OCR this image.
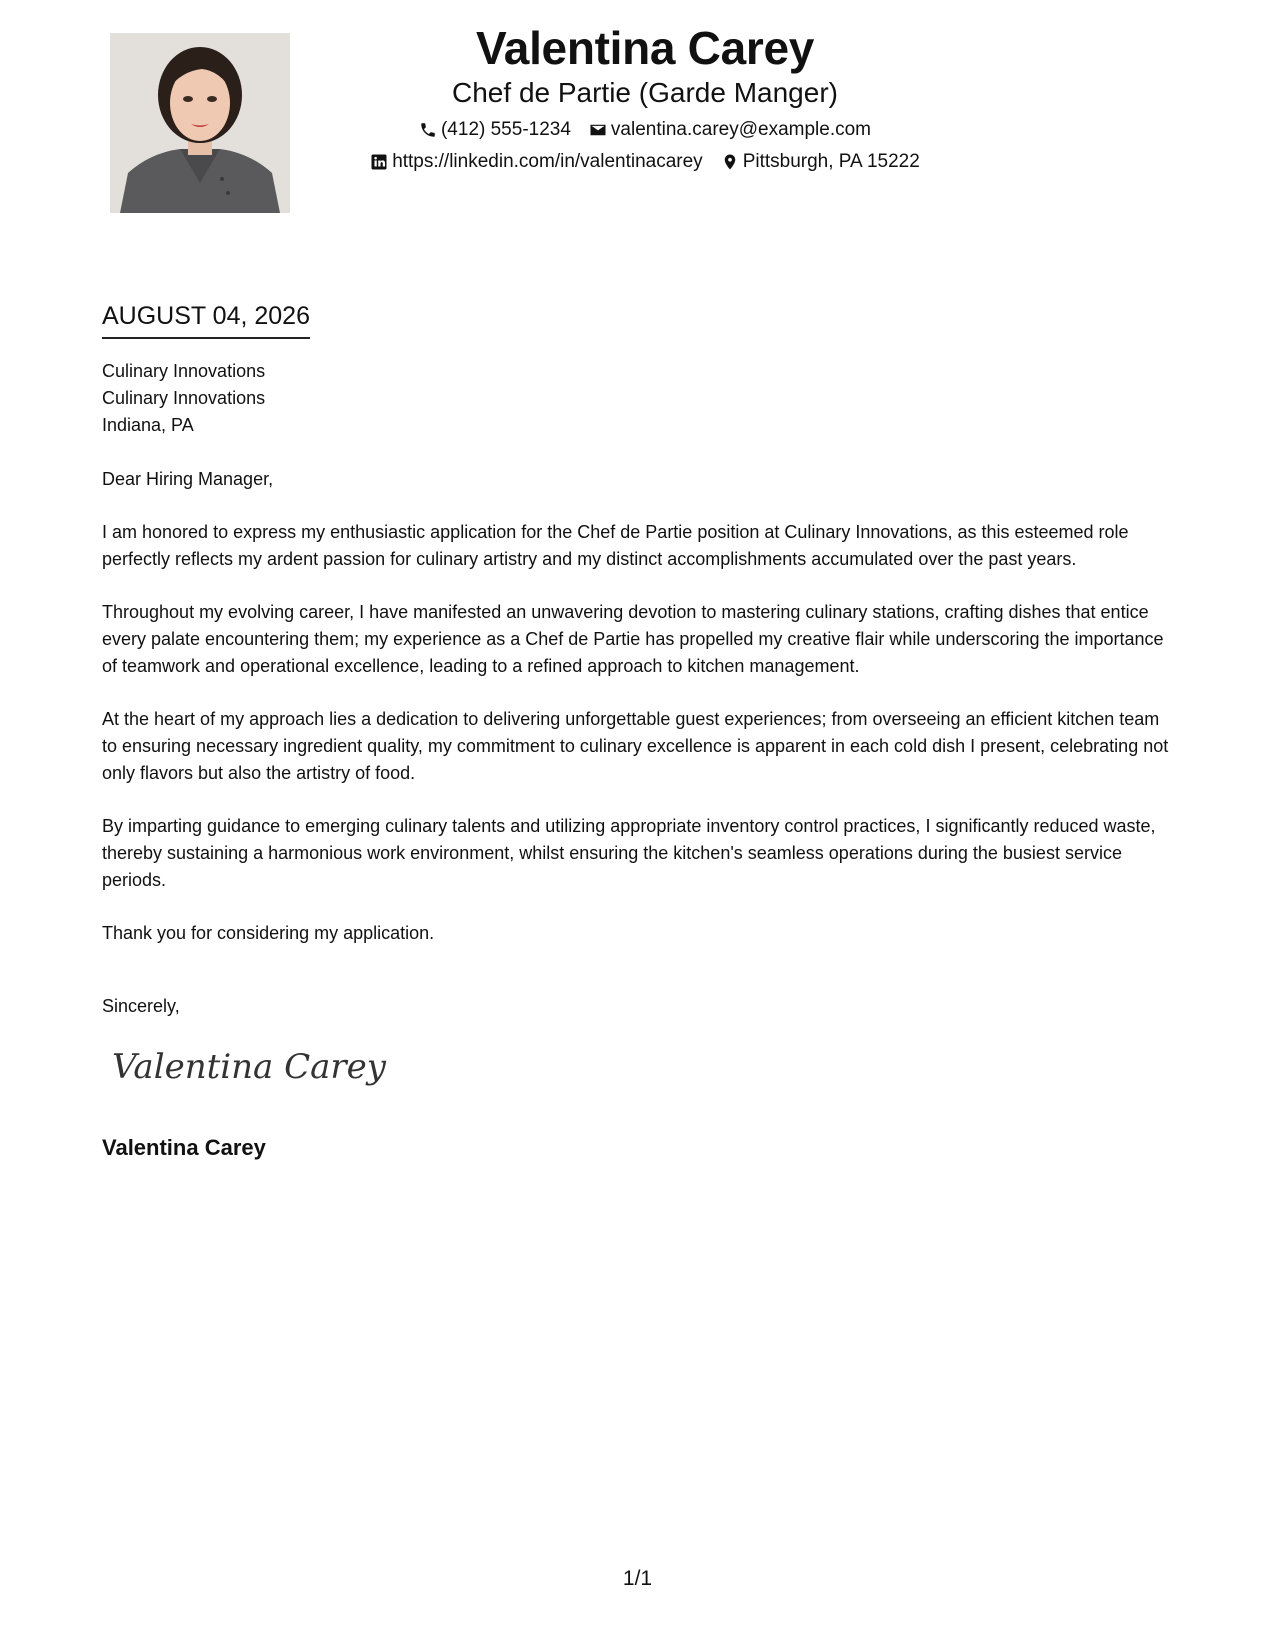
Valentina Carey
Chef de Partie (Garde Manger)
(412) 555-1234 valentina.carey@example.com
https://linkedin.com/in/valentinacarey Pittsburgh, PA 15222
AUGUST 04, 2026
Culinary Innovations
Culinary Innovations
Indiana, PA

Dear Hiring Manager,

I am honored to express my enthusiastic application for the Chef de Partie position at Culinary Innovations, as this esteemed role perfectly reflects my ardent passion for culinary artistry and my distinct accomplishments accumulated over the past years.

Throughout my evolving career, I have manifested an unwavering devotion to mastering culinary stations, crafting dishes that entice every palate encountering them; my experience as a Chef de Partie has propelled my creative flair while underscoring the importance of teamwork and operational excellence, leading to a refined approach to kitchen management.

At the heart of my approach lies a dedication to delivering unforgettable guest experiences; from overseeing an efficient kitchen team to ensuring necessary ingredient quality, my commitment to culinary excellence is apparent in each cold dish I present, celebrating not only flavors but also the artistry of food.

By imparting guidance to emerging culinary talents and utilizing appropriate inventory control practices, I significantly reduced waste, thereby sustaining a harmonious work environment, whilst ensuring the kitchen's seamless operations during the busiest service periods.

Thank you for considering my application.

Sincerely,
Valentina Carey
Valentina Carey
1/1
